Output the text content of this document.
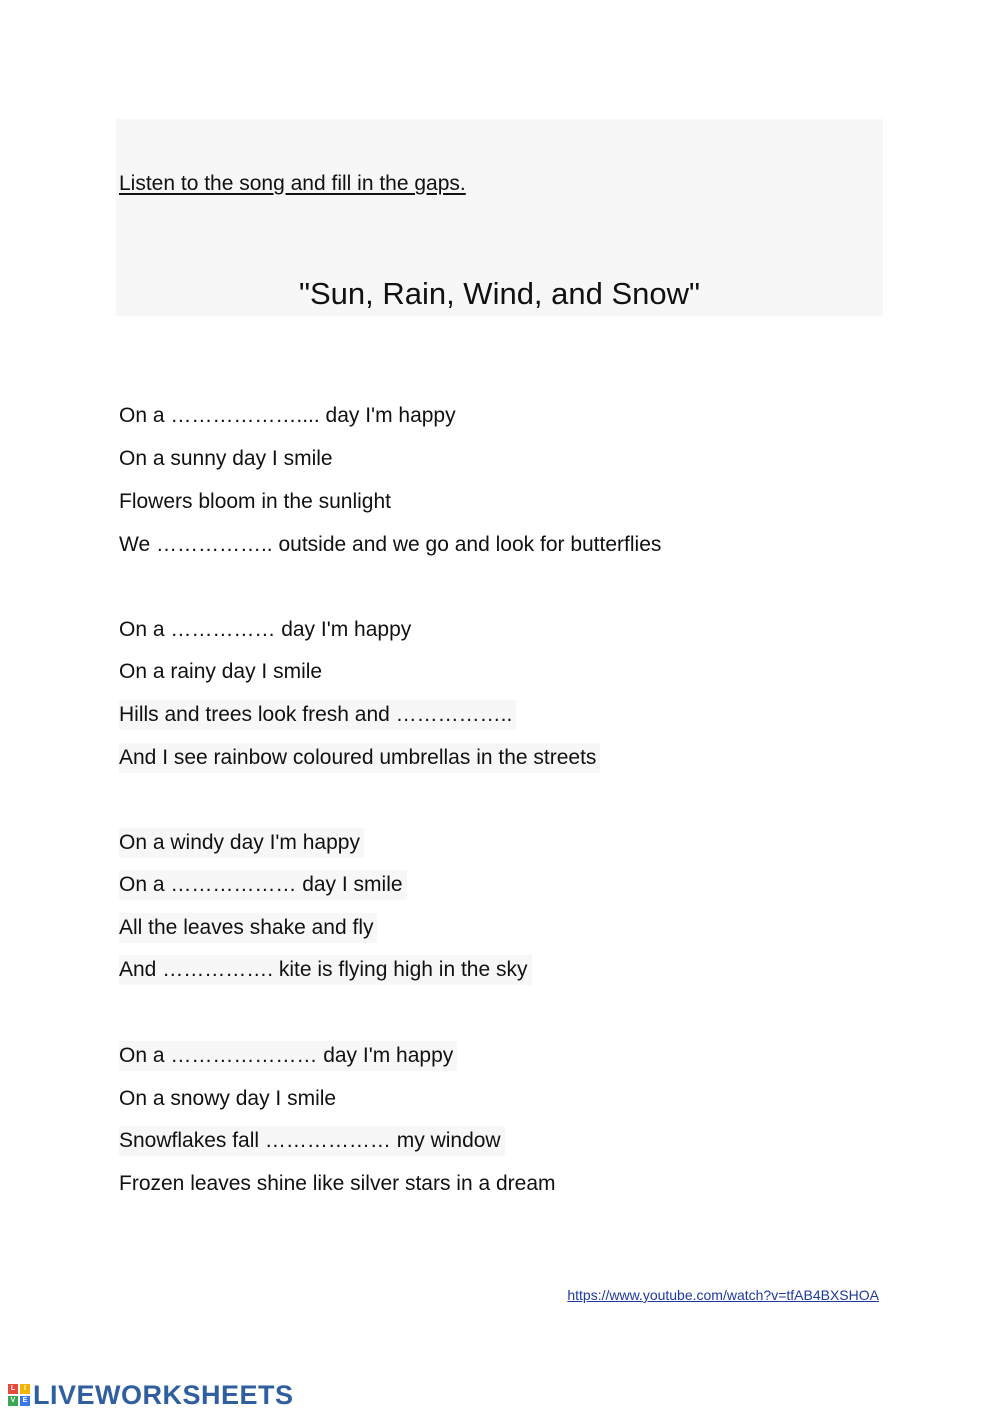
Listen to the song and fill in the gaps.
"Sun, Rain, Wind, and Snow"
On a ……………….... day I'm happy
On a sunny day I smile
Flowers bloom in the sunlight
We …………….. outside and we go and look for butterflies
On a …………… day I'm happy
On a rainy day I smile
Hills and trees look fresh and ……………..
And I see rainbow coloured umbrellas in the streets
On a windy day I'm happy
On a ……………… day I smile
All the leaves shake and fly
And ……………. kite is flying high in the sky
On a ………………… day I'm happy
On a snowy day I smile
Snowflakes fall ……………… my window
Frozen leaves shine like silver stars in a dream
https://www.youtube.com/watch?v=tfAB4BXSHOA
L	I
V	E LIVEWORKSHEETS
